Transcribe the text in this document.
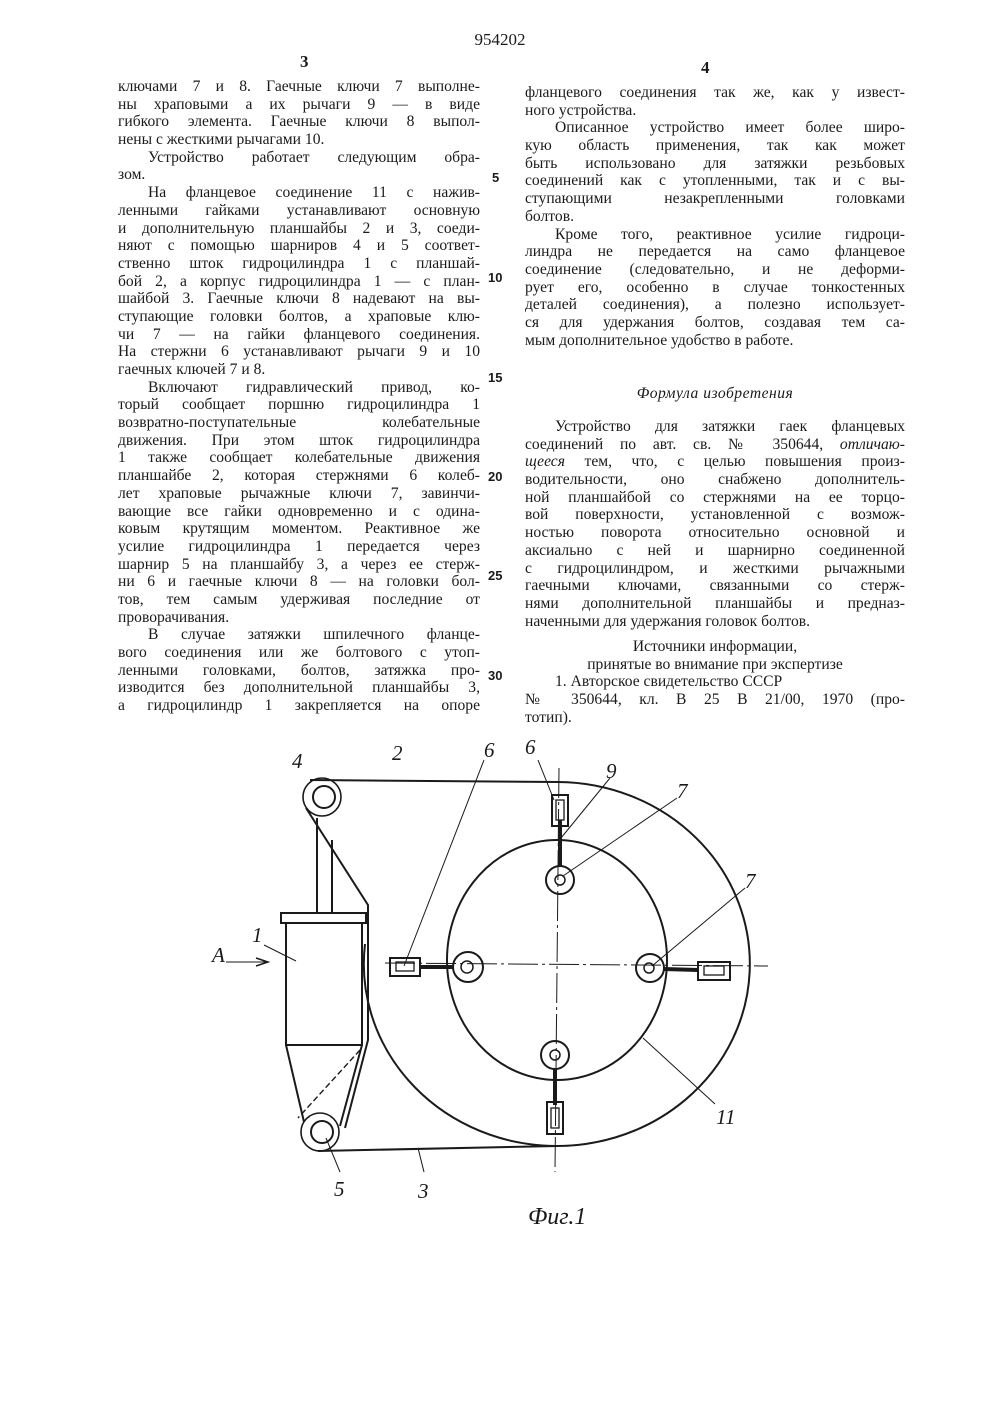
954202
3	4
ключами 7 и 8. Гаечные ключи 7 выполне-
ны храповыми а их рычаги 9 — в виде
гибкого элемента. Гаечные ключи 8 выпол-
нены с жесткими рычагами 10.
Устройство работает следующим обра-
зом.
На фланцевое соединение 11 с нажив-
ленными гайками устанавливают основную
и дополнительную планшайбы 2 и 3, соеди-
няют с помощью шарниров 4 и 5 соответ-
ственно шток гидроцилиндра 1 с планшай-
бой 2, а корпус гидроцилиндра 1 — с план-
шайбой 3. Гаечные ключи 8 надевают на вы-
ступающие головки болтов, а храповые клю-
чи 7 — на гайки фланцевого соединения.
На стержни 6 устанавливают рычаги 9 и 10
гаечных ключей 7 и 8.
Включают гидравлический привод, ко-
торый сообщает поршню гидроцилиндра 1
возвратно-поступательные колебательные
движения. При этом шток гидроцилиндра
1 также сообщает колебательные движения
планшайбе 2, которая стержнями 6 колеб-
лет храповые рычажные ключи 7, завинчи-
вающие все гайки одновременно и с одина-
ковым крутящим моментом. Реактивное же
усилие гидроцилиндра 1 передается через
шарнир 5 на планшайбу 3, а через ее стерж-
ни 6 и гаечные ключи 8 — на головки бол-
тов, тем самым удерживая последние от
проворачивания.
В случае затяжки шпилечного фланце-
вого соединения или же болтового с утоп-
ленными головками, болтов, затяжка про-
изводится без дополнительной планшайбы 3,
а гидроцилиндр 1 закрепляется на опоре
5
10
15
20
25
30
фланцевого соединения так же, как у извест-
ного устройства.
Описанное устройство имеет более широ-
кую область применения, так как может
быть использовано для затяжки резьбовых
соединений как с утопленными, так и с вы-
ступающими незакрепленными головками
болтов.
Кроме того, реактивное усилие гидроци-
линдра не передается на само фланцевое
соединение (следовательно, и не деформи-
рует его, особенно в случае тонкостенных
деталей соединения), а полезно использует-
ся для удержания болтов, создавая тем са-
мым дополнительное удобство в работе.
Формула изобретения
Устройство для затяжки гаек фланцевых
соединений по авт. св. № 350644, отличаю-
щееся тем, что, с целью повышения произ-
водительности, оно снабжено дополнитель-
ной планшайбой со стержнями на ее торцо-
вой поверхности, установленной с возмож-
ностью поворота относительно основной и
аксиально с ней и шарнирно соединенной
с гидроцилиндром, и жесткими рычажными
гаечными ключами, связанными со стерж-
нями дополнительной планшайбы и предназ-
наченными для удержания головок болтов.
Источники информации,
принятые во внимание при экспертизе
1. Авторское свидетельство СССР
№ 350644, кл. В 25 В 21/00, 1970 (про-
тотип).
4	2	6 6
9
7
7
1
A
11
5	3
Фиг.1
